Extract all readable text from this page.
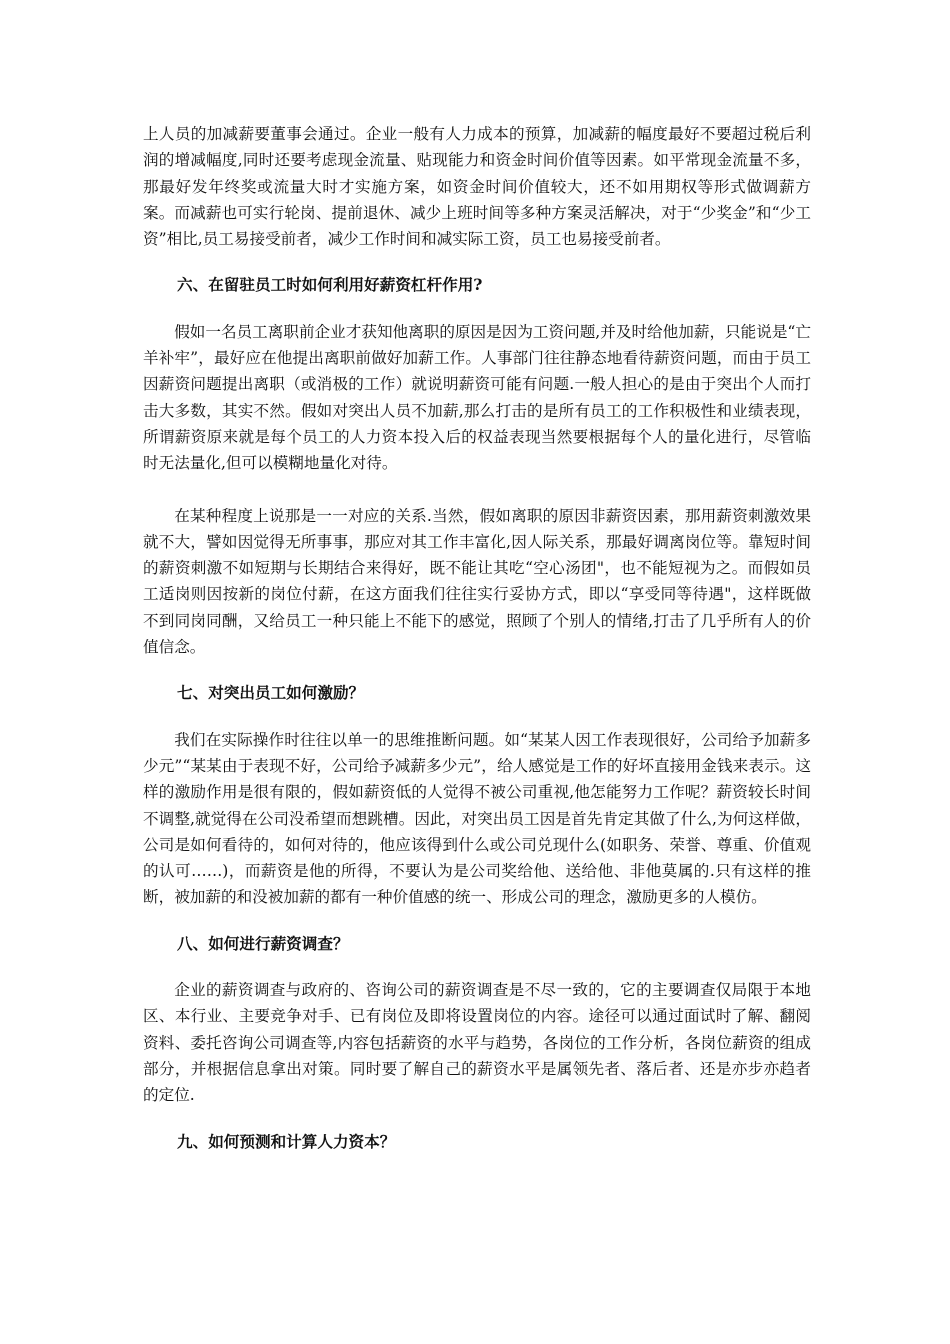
上人员的加减薪要董事会通过。企业一般有人力成本的预算，加减薪的幅度最好不要超过税后利润的增减幅度,同时还要考虑现金流量、贴现能力和资金时间价值等因素。如平常现金流量不多，那最好发年终奖或流量大时才实施方案，如资金时间价值较大，还不如用期权等形式做调薪方案。而减薪也可实行轮岗、提前退休、减少上班时间等多种方案灵活解决，对于“少奖金”和“少工资”相比,员工易接受前者，减少工作时间和减实际工资，员工也易接受前者。

六、在留驻员工时如何利用好薪资杠杆作用?

假如一名员工离职前企业才获知他离职的原因是因为工资问题,并及时给他加薪，只能说是“亡羊补牢”，最好应在他提出离职前做好加薪工作。人事部门往往静态地看待薪资问题，而由于员工因薪资问题提出离职（或消极的工作）就说明薪资可能有问题.一般人担心的是由于突出个人而打击大多数，其实不然。假如对突出人员不加薪,那么打击的是所有员工的工作积极性和业绩表现，所谓薪资原来就是每个员工的人力资本投入后的权益表现当然要根据每个人的量化进行，尽管临时无法量化,但可以模糊地量化对待。

在某种程度上说那是一一对应的关系.当然，假如离职的原因非薪资因素，那用薪资刺激效果就不大，譬如因觉得无所事事，那应对其工作丰富化,因人际关系，那最好调离岗位等。靠短时间的薪资刺激不如短期与长期结合来得好，既不能让其吃“空心汤团"，也不能短视为之。而假如员工适岗则因按新的岗位付薪，在这方面我们往往实行妥协方式，即以“享受同等待遇"，这样既做不到同岗同酬，又给员工一种只能上不能下的感觉，照顾了个别人的情绪,打击了几乎所有人的价值信念。

七、对突出员工如何激励？

我们在实际操作时往往以单一的思维推断问题。如“某某人因工作表现很好，公司给予加薪多少元”“某某由于表现不好，公司给予减薪多少元”，给人感觉是工作的好坏直接用金钱来表示。这样的激励作用是很有限的，假如薪资低的人觉得不被公司重视,他怎能努力工作呢？薪资较长时间不调整,就觉得在公司没希望而想跳槽。因此，对突出员工因是首先肯定其做了什么,为何这样做，公司是如何看待的，如何对待的，他应该得到什么或公司兑现什么(如职务、荣誉、尊重、价值观的认可……)，而薪资是他的所得，不要认为是公司奖给他、送给他、非他莫属的.只有这样的推断，被加薪的和没被加薪的都有一种价值感的统一、形成公司的理念，激励更多的人模仿。

八、如何进行薪资调查？

企业的薪资调查与政府的、咨询公司的薪资调查是不尽一致的，它的主要调查仅局限于本地区、本行业、主要竞争对手、已有岗位及即将设置岗位的内容。途径可以通过面试时了解、翻阅资料、委托咨询公司调查等,内容包括薪资的水平与趋势，各岗位的工作分析，各岗位薪资的组成部分，并根据信息拿出对策。同时要了解自己的薪资水平是属领先者、落后者、还是亦步亦趋者的定位.

九、如何预测和计算人力资本？
